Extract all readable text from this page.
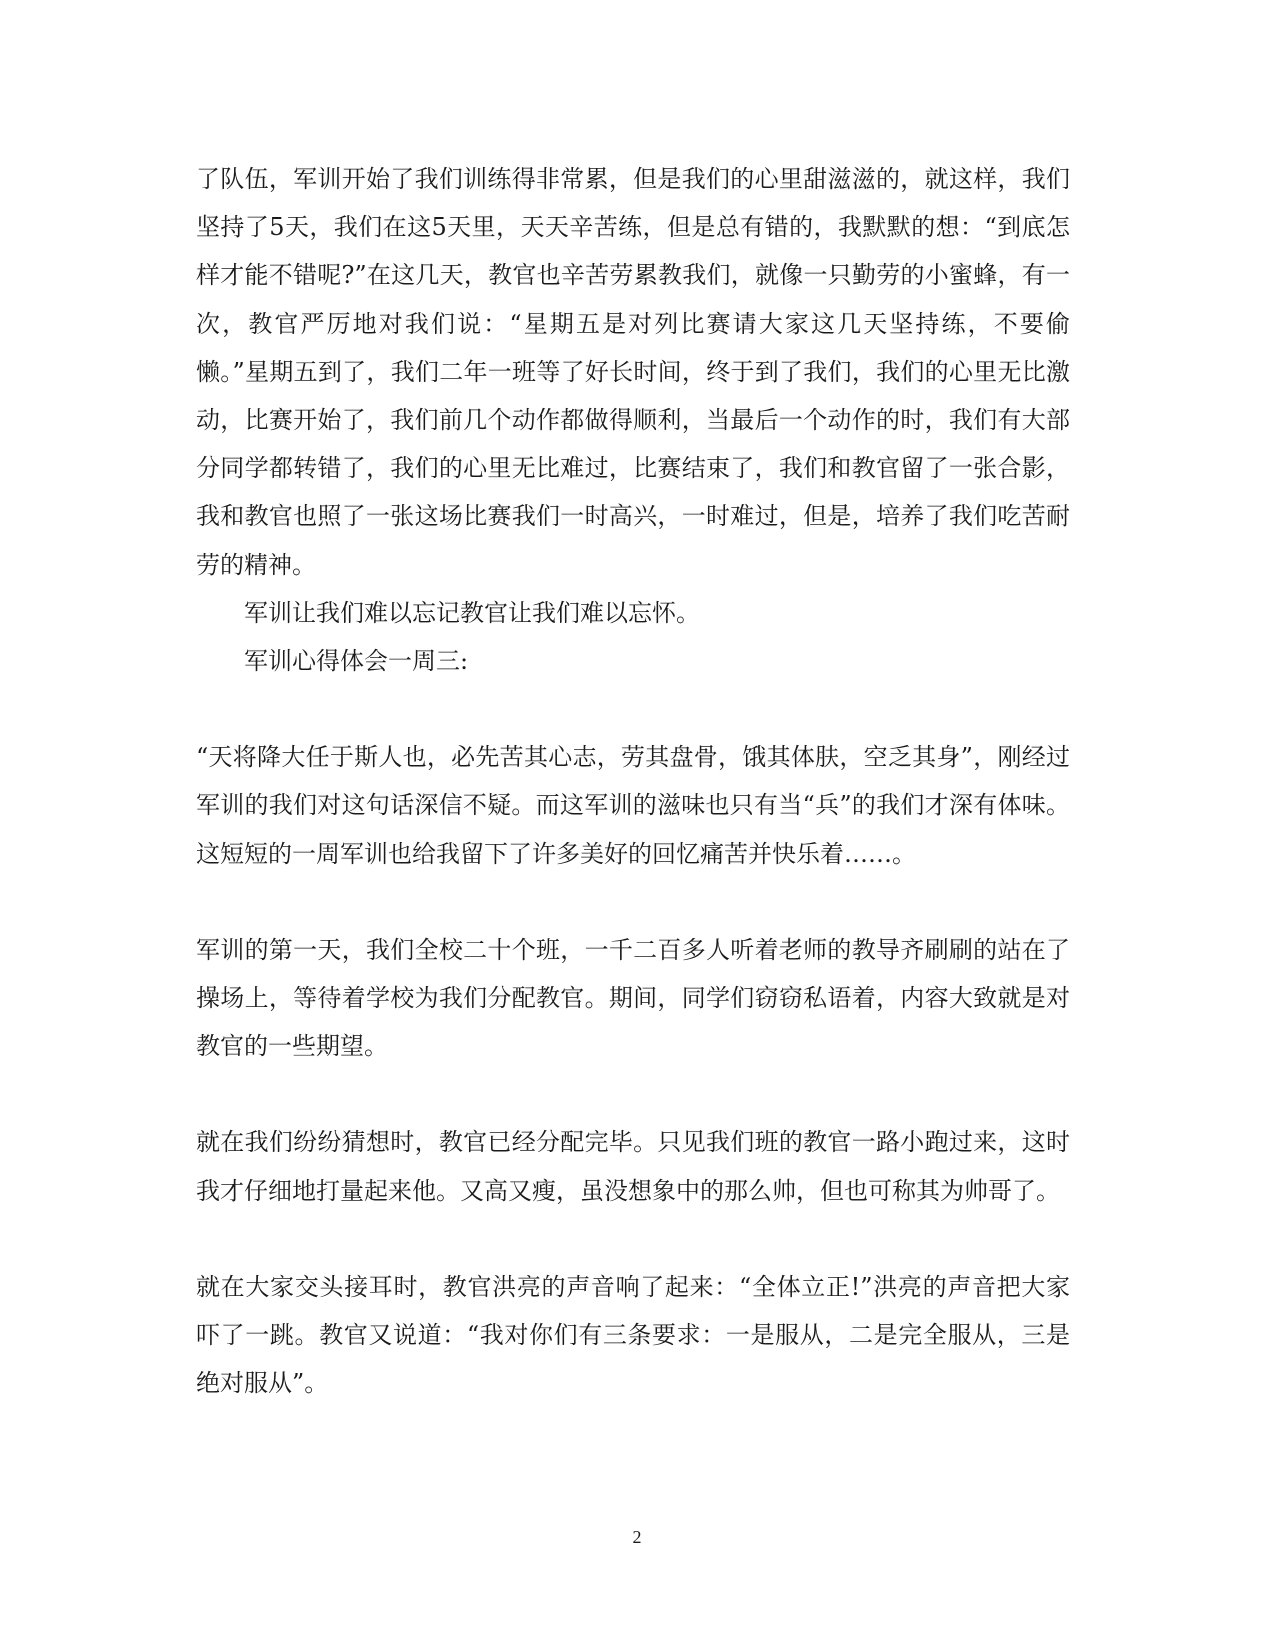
了队伍，军训开始了我们训练得非常累，但是我们的心里甜滋滋的，就这样，我们坚持了5天，我们在这5天里，天天辛苦练，但是总有错的，我默默的想：“到底怎样才能不错呢?”在这几天，教官也辛苦劳累教我们，就像一只勤劳的小蜜蜂，有一次，教官严厉地对我们说：“星期五是对列比赛请大家这几天坚持练，不要偷懒。”星期五到了，我们二年一班等了好长时间，终于到了我们，我们的心里无比激动，比赛开始了，我们前几个动作都做得顺利，当最后一个动作的时，我们有大部分同学都转错了，我们的心里无比难过，比赛结束了，我们和教官留了一张合影，我和教官也照了一张这场比赛我们一时高兴，一时难过，但是，培养了我们吃苦耐劳的精神。

军训让我们难以忘记教官让我们难以忘怀。

军训心得体会一周三:

“天将降大任于斯人也，必先苦其心志，劳其盘骨，饿其体肤，空乏其身”，刚经过军训的我们对这句话深信不疑。而这军训的滋味也只有当“兵”的我们才深有体味。这短短的一周军训也给我留下了许多美好的回忆痛苦并快乐着……。

军训的第一天，我们全校二十个班，一千二百多人听着老师的教导齐刷刷的站在了操场上，等待着学校为我们分配教官。期间，同学们窃窃私语着，内容大致就是对教官的一些期望。

就在我们纷纷猜想时，教官已经分配完毕。只见我们班的教官一路小跑过来，这时我才仔细地打量起来他。又高又瘦，虽没想象中的那么帅，但也可称其为帅哥了。

就在大家交头接耳时，教官洪亮的声音响了起来：“全体立正!”洪亮的声音把大家吓了一跳。教官又说道：“我对你们有三条要求：一是服从，二是完全服从，三是绝对服从”。

2
